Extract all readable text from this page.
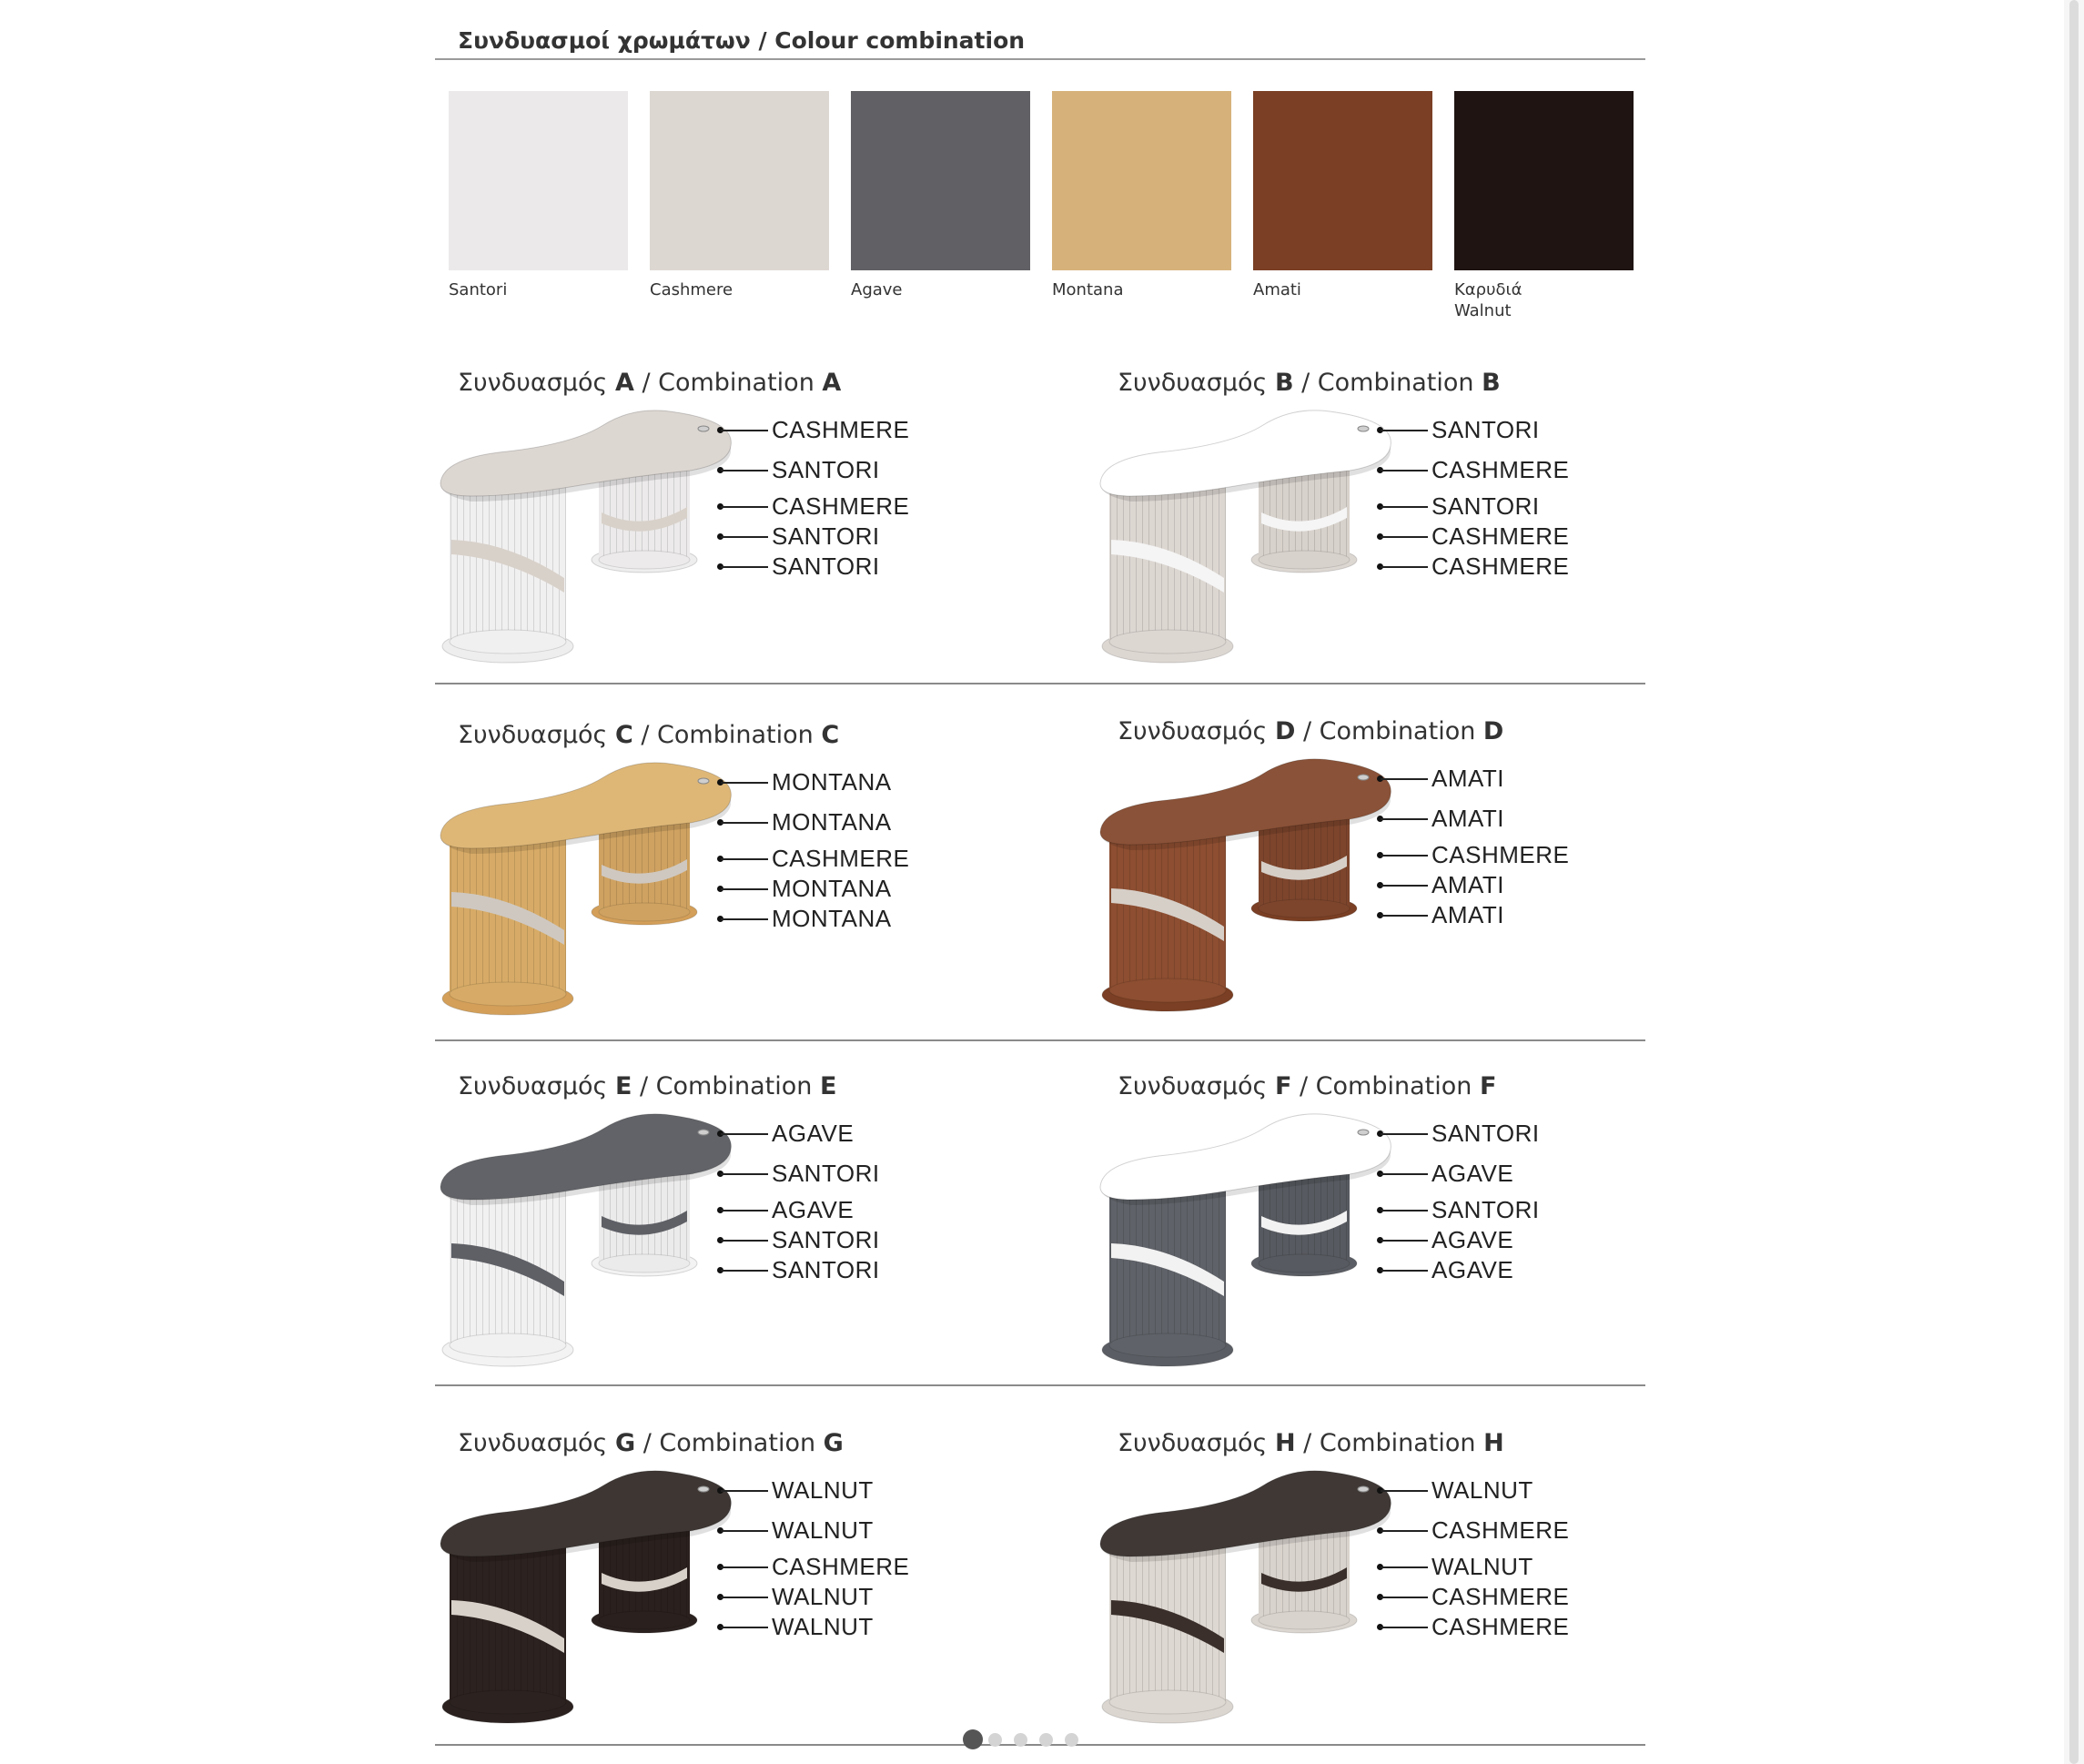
Συνδυασμοί χρωμάτων / Colour combination
Santori	Cashmere	Agave	Montana	Amati	Καρυδιά
Walnut
Συνδυασμός A / Combination A
CASHMERE
SANTORI
CASHMERE
SANTORI
SANTORI
Συνδυασμός B / Combination B
SANTORI
CASHMERE
SANTORI
CASHMERE
CASHMERE
Συνδυασμός C / Combination C
MONTANA
MONTANA
CASHMERE
MONTANA
MONTANA
Συνδυασμός D / Combination D
AMATI
AMATI
CASHMERE
AMATI
AMATI
Συνδυασμός E / Combination E
AGAVE
SANTORI
AGAVE
SANTORI
SANTORI
Συνδυασμός F / Combination F
SANTORI
AGAVE
SANTORI
AGAVE
AGAVE
Συνδυασμός G / Combination G
WALNUT
WALNUT
CASHMERE
WALNUT
WALNUT
Συνδυασμός H / Combination H
WALNUT
CASHMERE
WALNUT
CASHMERE
CASHMERE
